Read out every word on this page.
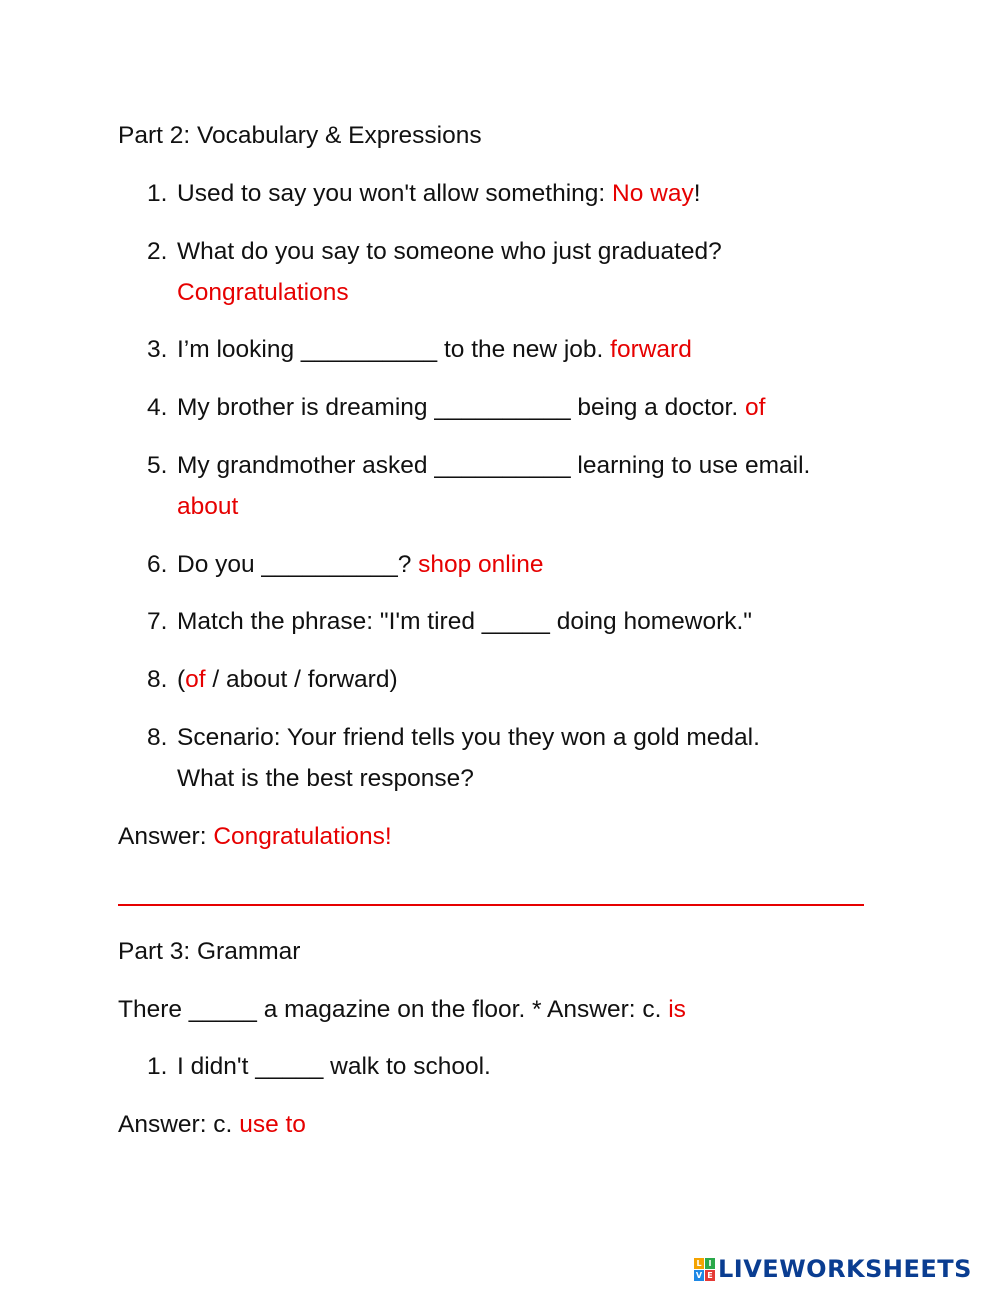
Part 2: Vocabulary & Expressions
1. Used to say you won't allow something: No way!
2. What do you say to someone who just graduated?
Congratulations
3. I’m looking __________ to the new job. forward
4. My brother is dreaming __________ being a doctor. of
5. My grandmother asked __________ learning to use email.
about
6. Do you __________? shop online
7. Match the phrase: "I'm tired _____ doing homework."
8. (of / about / forward)
8. Scenario: Your friend tells you they won a gold medal.
What is the best response?
Answer: Congratulations!
Part 3: Grammar
There _____ a magazine on the floor. * Answer: c. is
1. I didn't _____ walk to school.
Answer: c. use to
L I
V E LIVEWORKSHEETS
